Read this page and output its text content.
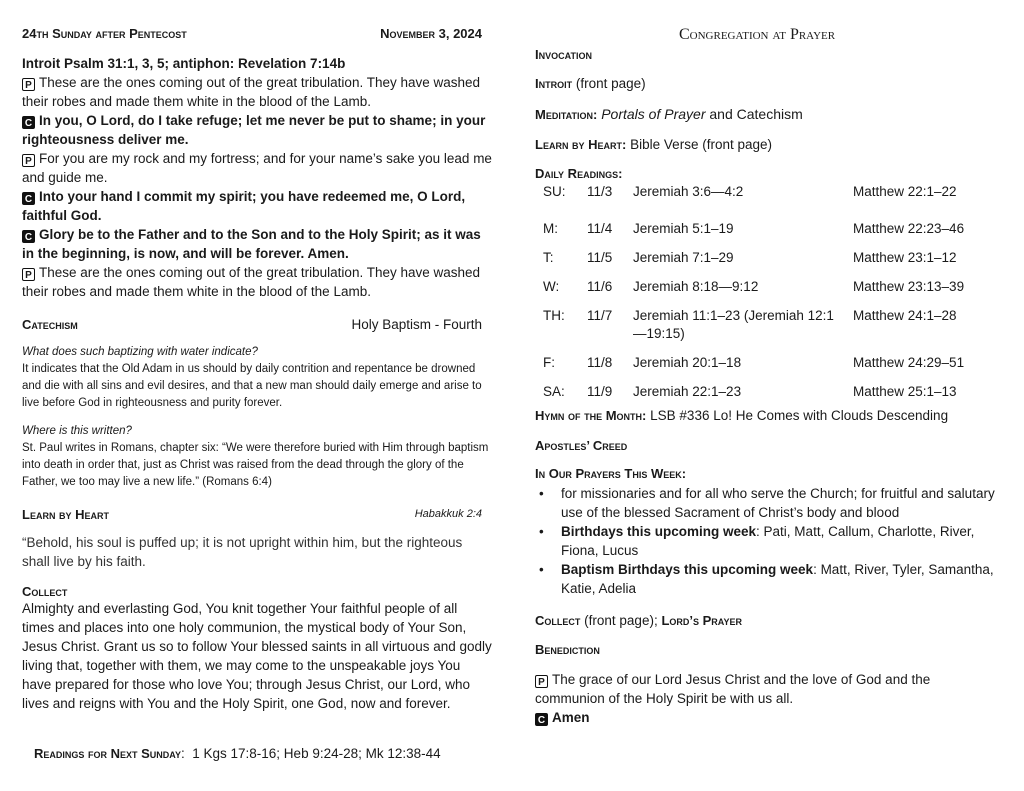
24th Sunday after Pentecost	November 3, 2024
Introit Psalm 31:1, 3, 5; antiphon: Revelation 7:14b
P These are the ones coming out of the great tribulation. They have washed their robes and made them white in the blood of the Lamb.
C In you, O Lord, do I take refuge; let me never be put to shame; in your righteousness deliver me.
P For you are my rock and my fortress; and for your name’s sake you lead me and guide me.
C Into your hand I commit my spirit; you have redeemed me, O Lord, faithful God.
C Glory be to the Father and to the Son and to the Holy Spirit; as it was in the beginning, is now, and will be forever. Amen.
P These are the ones coming out of the great tribulation. They have washed their robes and made them white in the blood of the Lamb.
Catechism	Holy Baptism - Fourth
What does such baptizing with water indicate?
It indicates that the Old Adam in us should by daily contrition and repentance be drowned and die with all sins and evil desires, and that a new man should daily emerge and arise to live before God in righteousness and purity forever.
Where is this written?
St. Paul writes in Romans, chapter six: “We were therefore buried with Him through baptism into death in order that, just as Christ was raised from the dead through the glory of the Father, we too may live a new life.” (Romans 6:4)
Learn by Heart	Habakkuk 2:4
“Behold, his soul is puffed up; it is not upright within him, but the righteous shall live by his faith.
Collect
Almighty and everlasting God, You knit together Your faithful people of all times and places into one holy communion, the mystical body of Your Son, Jesus Christ. Grant us so to follow Your blessed saints in all virtuous and godly living that, together with them, we may come to the unspeakable joys You have prepared for those who love You; through Jesus Christ, our Lord, who lives and reigns with You and the Holy Spirit, one God, now and forever.
Readings for Next Sunday: 1 Kgs 17:8-16; Heb 9:24-28; Mk 12:38-44
Congregation at Prayer
Invocation
Introit (front page)
Meditation: Portals of Prayer and Catechism
Learn by Heart: Bible Verse (front page)
Daily Readings:
SU:	11/3	Jeremiah 3:6—4:2	Matthew 22:1–22
M:	11/4	Jeremiah 5:1–19	Matthew 22:23–46
T:	11/5	Jeremiah 7:1–29	Matthew 23:1–12
W:	11/6	Jeremiah 8:18—9:12	Matthew 23:13–39
TH:	11/7	Jeremiah 11:1–23 (Jeremiah 12:1—19:15)	Matthew 24:1–28
F:	11/8	Jeremiah 20:1–18	Matthew 24:29–51
SA:	11/9	Jeremiah 22:1–23	Matthew 25:1–13
Hymn of the Month: LSB #336 Lo! He Comes with Clouds Descending
Apostles’ Creed
In Our Prayers This Week:
• for missionaries and for all who serve the Church; for fruitful and salutary use of the blessed Sacrament of Christ’s body and blood
• Birthdays this upcoming week: Pati, Matt, Callum, Charlotte, River, Fiona, Lucus
• Baptism Birthdays this upcoming week: Matt, River, Tyler, Samantha, Katie, Adelia
Collect (front page); Lord’s Prayer
Benediction
P The grace of our Lord Jesus Christ and the love of God and the communion of the Holy Spirit be with us all.
C Amen
